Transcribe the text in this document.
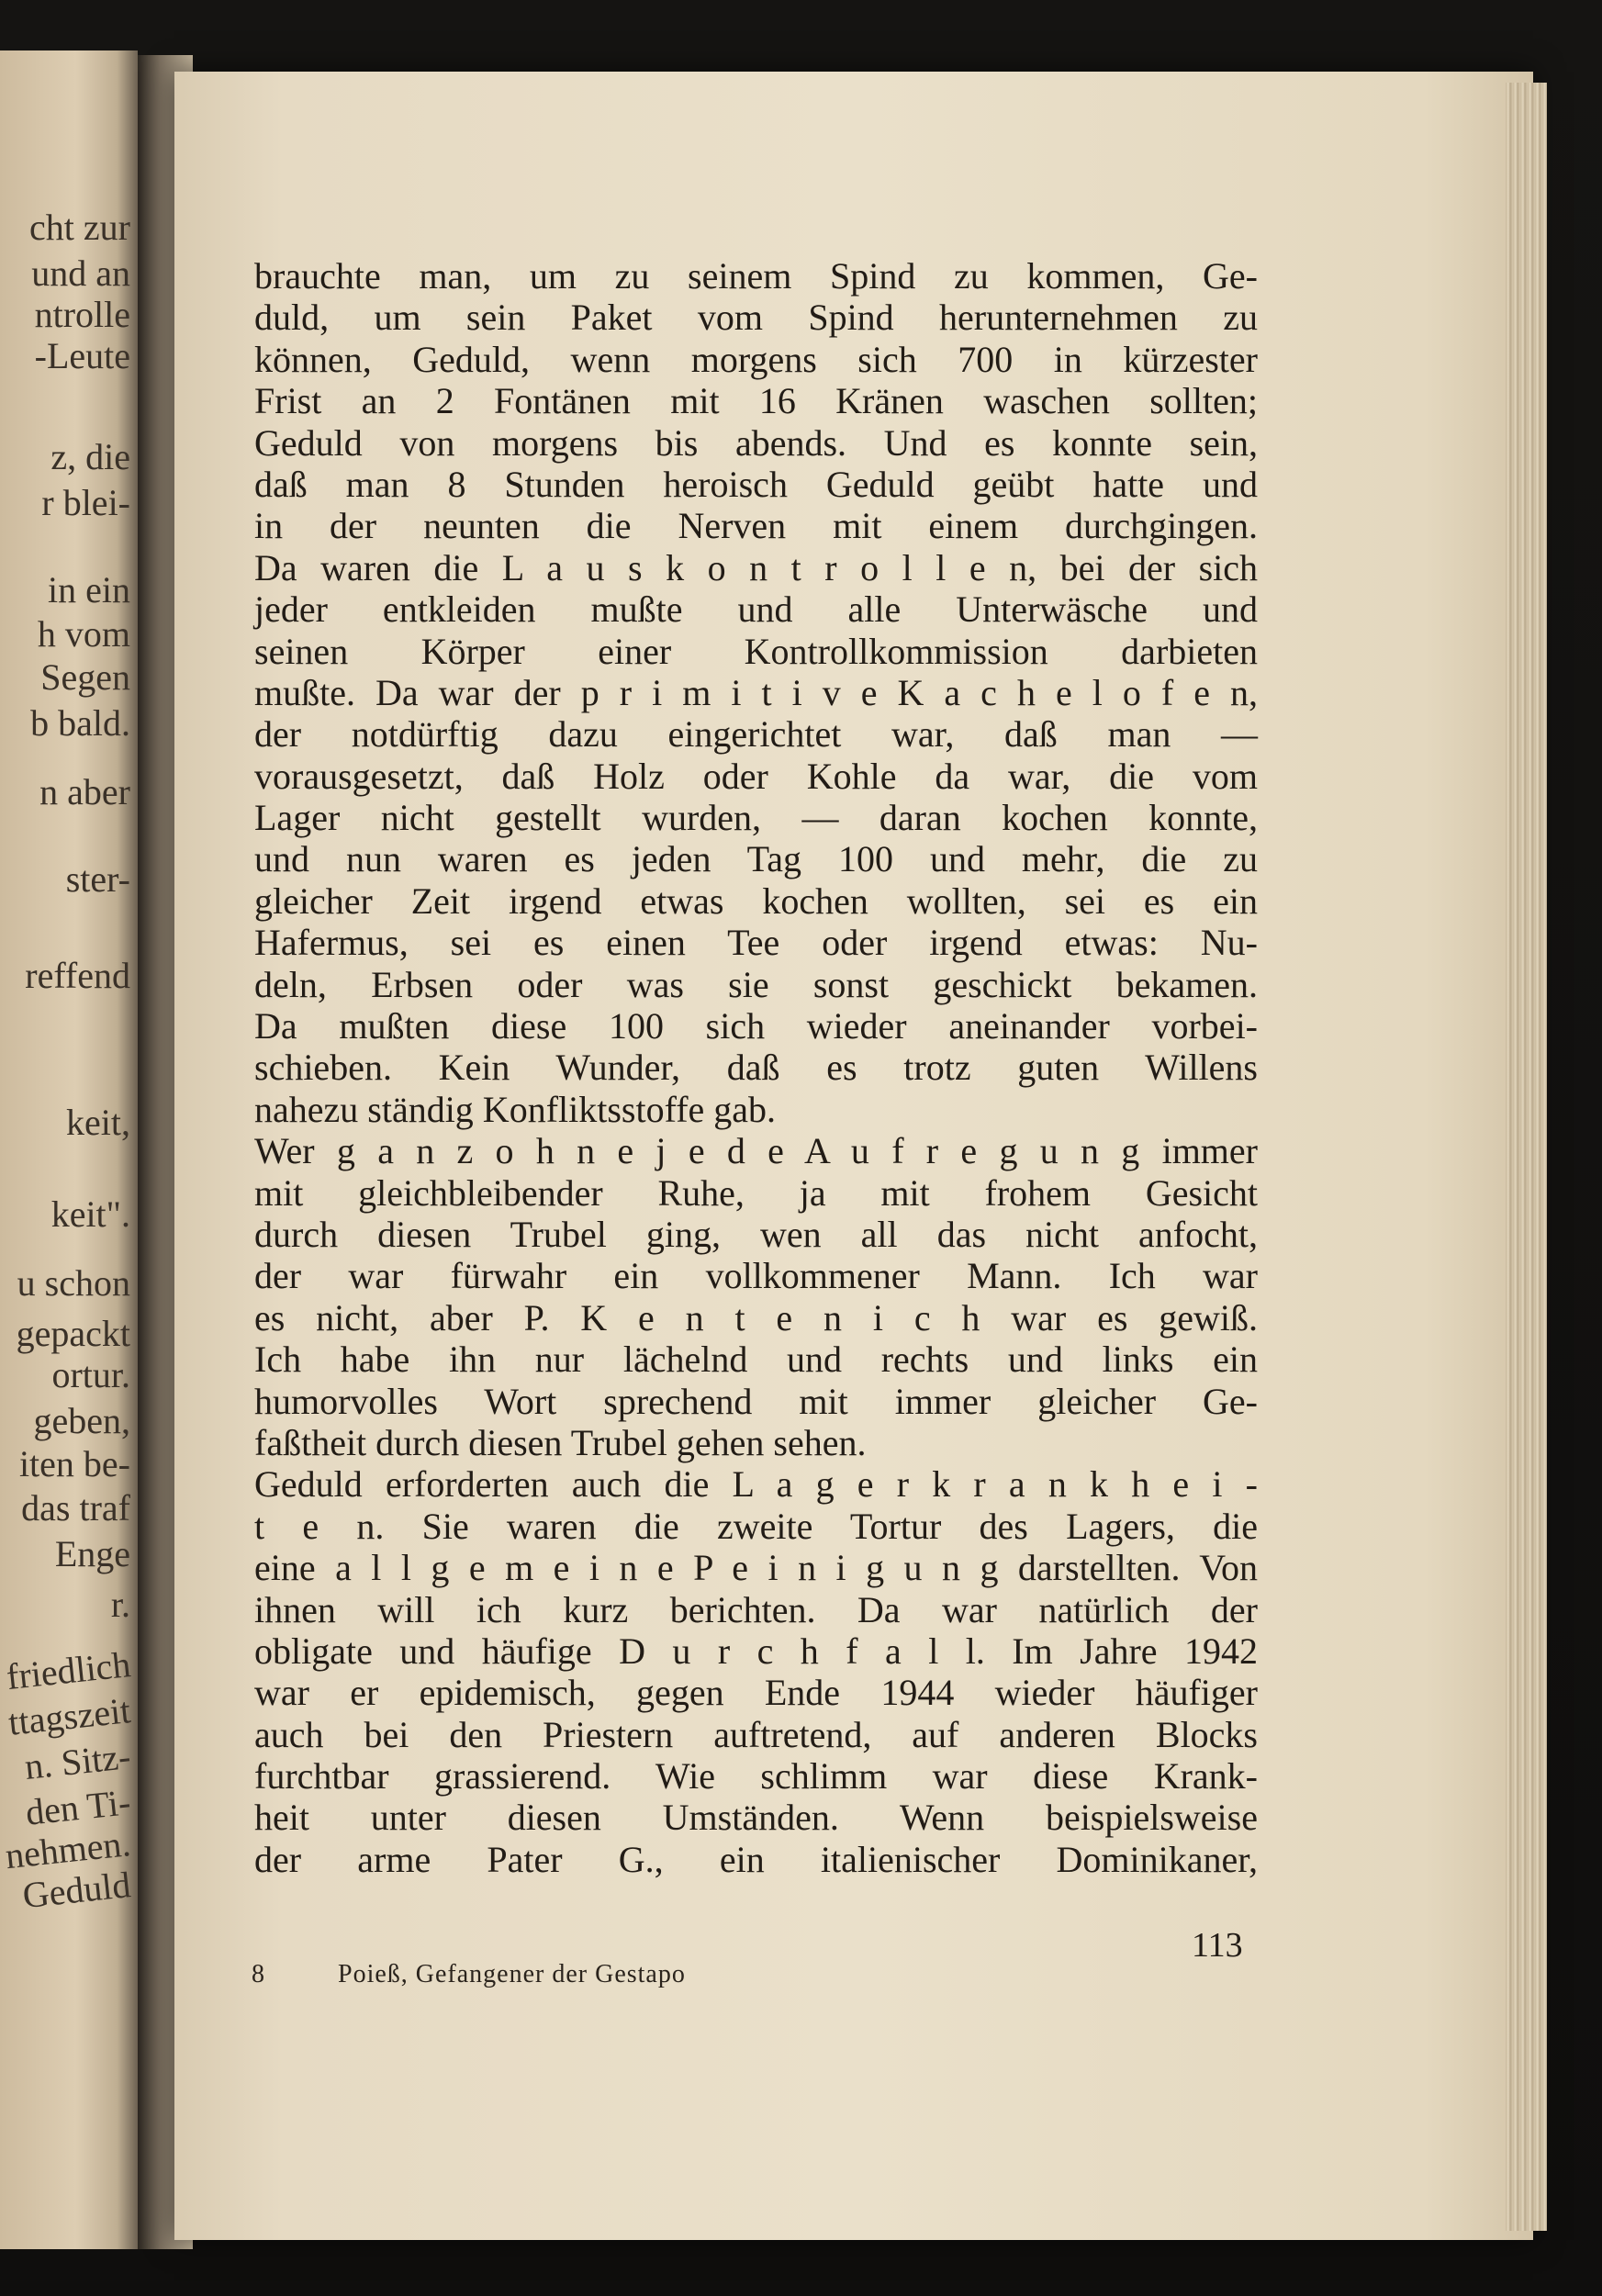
cht zur
und an
ntrolle
-Leute
z, die
r blei-
in ein
h vom
Segen
b bald.
n aber
ster-
reffend
keit,
keit".
u schon
gepackt
ortur.
geben,
iten be-
das traf
Enge
r.
friedlich
ttagszeit
n. Sitz-
den Ti-
nehmen.
Geduld
brauchte man, um zu seinem Spind zu kommen, Ge-
duld, um sein Paket vom Spind herunternehmen zu
können, Geduld, wenn morgens sich 700 in kürzester
Frist an 2 Fontänen mit 16 Kränen waschen sollten;
Geduld von morgens bis abends. Und es konnte sein,
daß man 8 Stunden heroisch Geduld geübt hatte und
in der neunten die Nerven mit einem durchgingen.
Da waren die L a u s k o n t r o l l e n, bei der sich
jeder entkleiden mußte und alle Unterwäsche und
seinen Körper einer Kontrollkommission darbieten
mußte. Da war der p r i m i t i v e K a c h e l o f e n,
der notdürftig dazu eingerichtet war, daß man —
vorausgesetzt, daß Holz oder Kohle da war, die vom
Lager nicht gestellt wurden, — daran kochen konnte,
und nun waren es jeden Tag 100 und mehr, die zu
gleicher Zeit irgend etwas kochen wollten, sei es ein
Hafermus, sei es einen Tee oder irgend etwas: Nu-
deln, Erbsen oder was sie sonst geschickt bekamen.
Da mußten diese 100 sich wieder aneinander vorbei-
schieben. Kein Wunder, daß es trotz guten Willens
nahezu ständig Konfliktsstoffe gab.
Wer g a n z o h n e j e d e A u f r e g u n g immer
mit gleichbleibender Ruhe, ja mit frohem Gesicht
durch diesen Trubel ging, wen all das nicht anfocht,
der war fürwahr ein vollkommener Mann. Ich war
es nicht, aber P. K e n t e n i c h war es gewiß.
Ich habe ihn nur lächelnd und rechts und links ein
humorvolles Wort sprechend mit immer gleicher Ge-
faßtheit durch diesen Trubel gehen sehen.
Geduld erforderten auch die L a g e r k r a n k h e i -
t e n. Sie waren die zweite Tortur des Lagers, die
eine a l l g e m e i n e P e i n i g u n g darstellten. Von
ihnen will ich kurz berichten. Da war natürlich der
obligate und häufige D u r c h f a l l. Im Jahre 1942
war er epidemisch, gegen Ende 1944 wieder häufiger
auch bei den Priestern auftretend, auf anderen Blocks
furchtbar grassierend. Wie schlimm war diese Krank-
heit unter diesen Umständen. Wenn beispielsweise
der arme Pater G., ein italienischer Dominikaner,
113
8	Poieß, Gefangener der Gestapo
